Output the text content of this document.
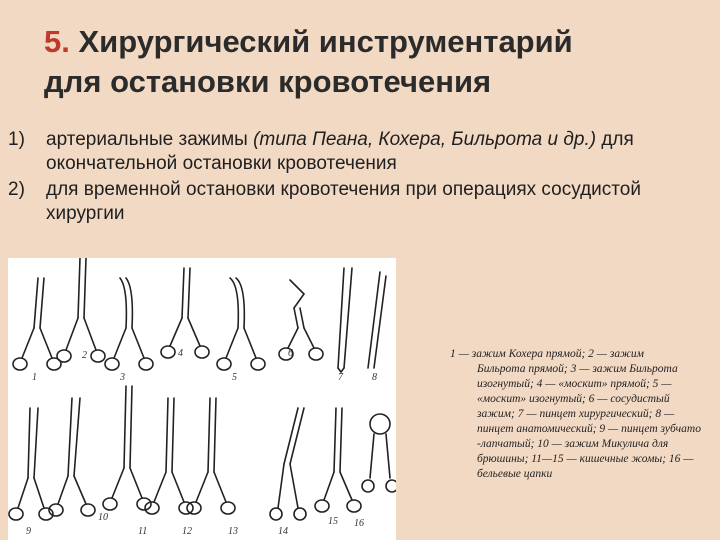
5. Хирургический инструментарий
для остановки кровотечения
1)	артериальные зажимы (типа Пеана, Кохера, Бильрота и др.) для окончательной остановки кровотечения
2)	для временной остановки кровотечения при операциях сосудистой хирургии
1
2
3
4
5
6
7	8
9
10
11	12	13	14
15 16
1 — зажим Кохера прямой; 2 — зажим
Бильрота прямой; 3 — зажим Бильрота изогнутый; 4 — «москит» прямой; 5 — «москит» изогнутый; 6 — сосудистый зажим; 7 — пинцет хирургический; 8 — пинцет анатомический; 9 — пинцет зубчато -лапчатый; 10 — зажим Микулича для брюшины; 11—15 — кишечные жомы; 16 — бельевые цапки
